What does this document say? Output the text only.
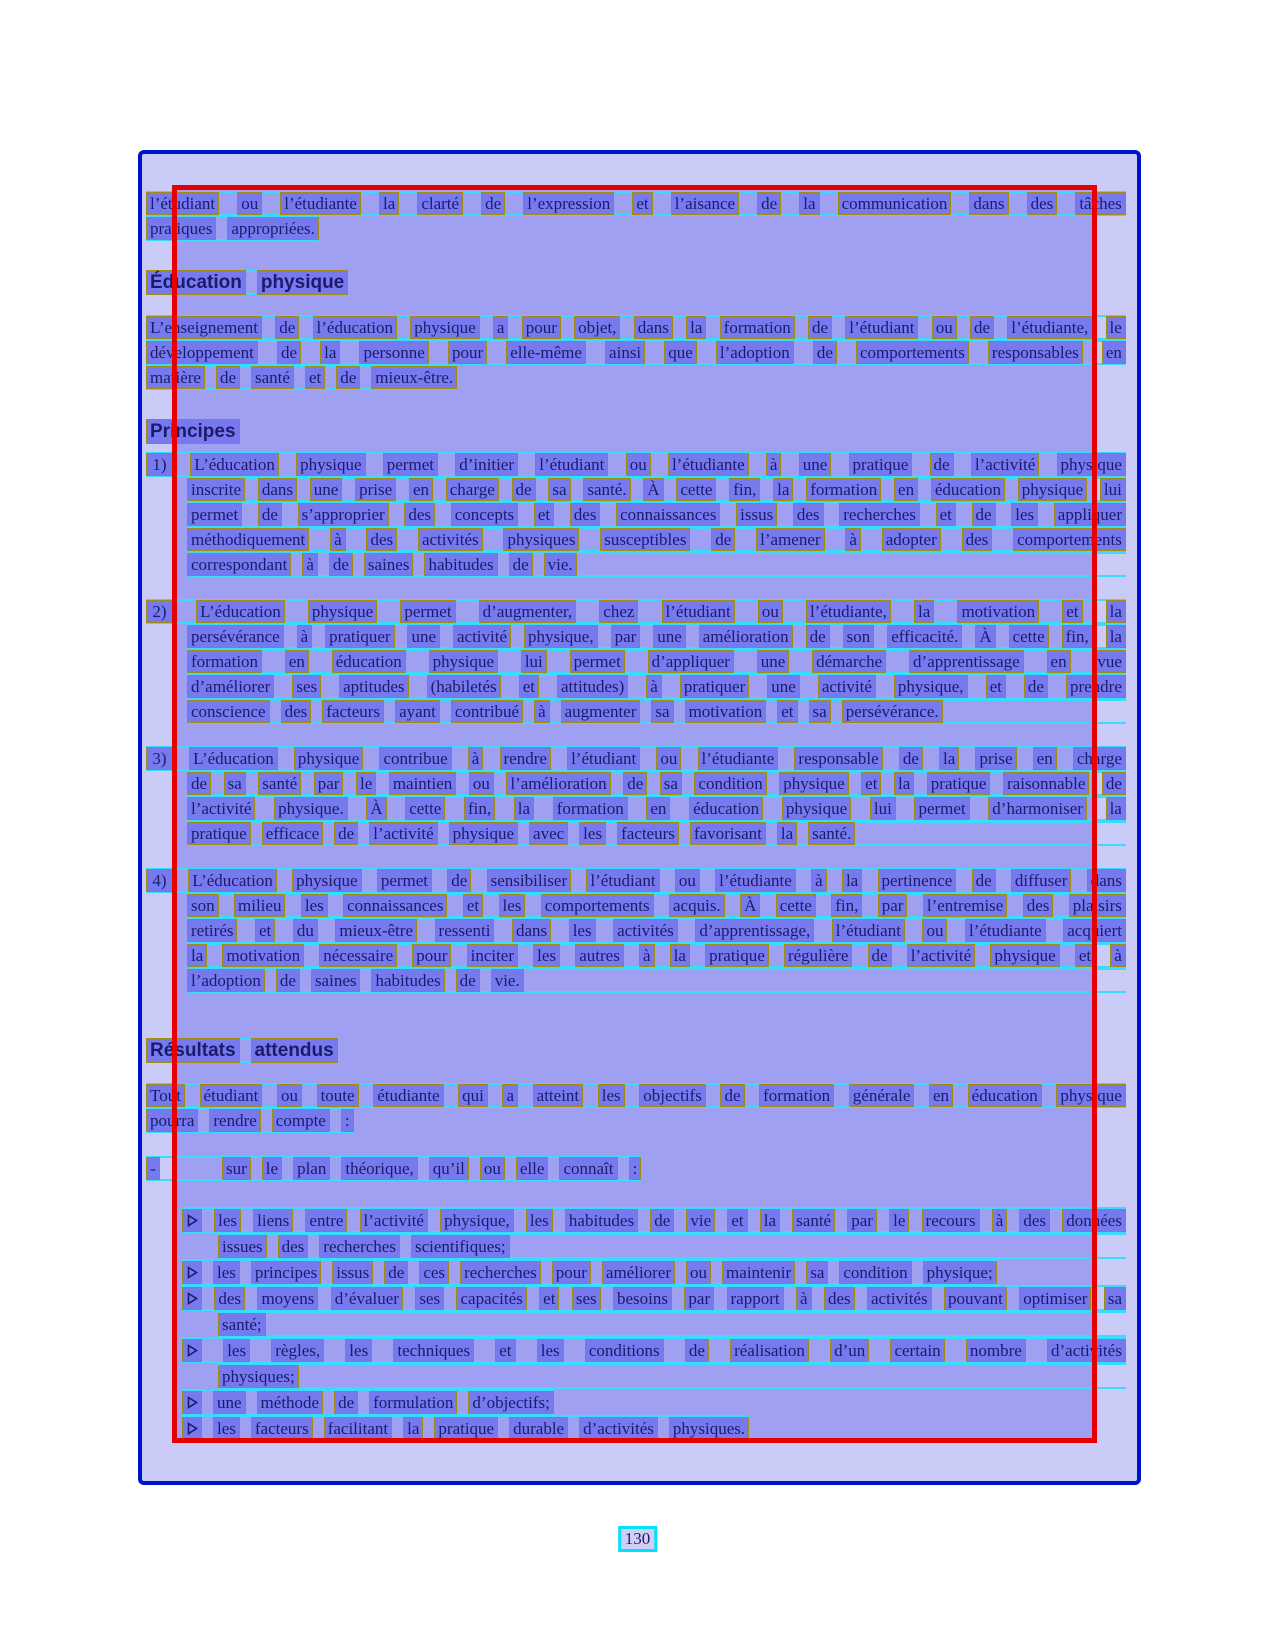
l’étudiant ou l’étudiante la clarté de l’expression et l’aisance de la communication dans des tâches
pratiques appropriées.
Éducation physique
L’enseignement de l’éducation physique a pour objet, dans la formation de l’étudiant ou de l’étudiante, le
développement de la personne pour elle-même ainsi que l’adoption de comportements responsables en
matière de santé et de mieux-être.
Principes
1)	L’éducation physique permet d’initier l’étudiant ou l’étudiante à une pratique de l’activité physique
inscrite dans une prise en charge de sa santé. À cette fin, la formation en éducation physique lui
permet de s’approprier des concepts et des connaissances issus des recherches et de les appliquer
méthodiquement à des activités physiques susceptibles de l’amener à adopter des comportements
correspondant à de saines habitudes de vie.
2)	L’éducation physique permet d’augmenter, chez l’étudiant ou l’étudiante, la motivation et la
persévérance à pratiquer une activité physique, par une amélioration de son efficacité. À cette fin, la
formation en éducation physique lui permet d’appliquer une démarche d’apprentissage en vue
d’améliorer ses aptitudes (habiletés et attitudes) à pratiquer une activité physique, et de prendre
conscience des facteurs ayant contribué à augmenter sa motivation et sa persévérance.
3)	L’éducation physique contribue à rendre l’étudiant ou l’étudiante responsable de la prise en charge
de sa santé par le maintien ou l’amélioration de sa condition physique et la pratique raisonnable de
l’activité physique. À cette fin, la formation en éducation physique lui permet d’harmoniser la
pratique efficace de l’activité physique avec les facteurs favorisant la santé.
4)	L’éducation physique permet de sensibiliser l’étudiant ou l’étudiante à la pertinence de diffuser dans
son milieu les connaissances et les comportements acquis. À cette fin, par l’entremise des plaisirs
retirés et du mieux-être ressenti dans les activités d’apprentissage, l’étudiant ou l’étudiante acquiert
la motivation nécessaire pour inciter les autres à la pratique régulière de l’activité physique et à
l’adoption de saines habitudes de vie.
Résultats attendus
Tout étudiant ou toute étudiante qui a atteint les objectifs de formation générale en éducation physique
pourra rendre compte :
-	sur le plan théorique, qu’il ou elle connaît :
les liens entre l’activité physique, les habitudes de vie et la santé par le recours à des données
issues des recherches scientifiques;
les principes issus de ces recherches pour améliorer ou maintenir sa condition physique;
des moyens d’évaluer ses capacités et ses besoins par rapport à des activités pouvant optimiser sa
santé;
les règles, les techniques et les conditions de réalisation d’un certain nombre d’activités
physiques;
une méthode de formulation d’objectifs;
les facteurs facilitant la pratique durable d’activités physiques.
130
